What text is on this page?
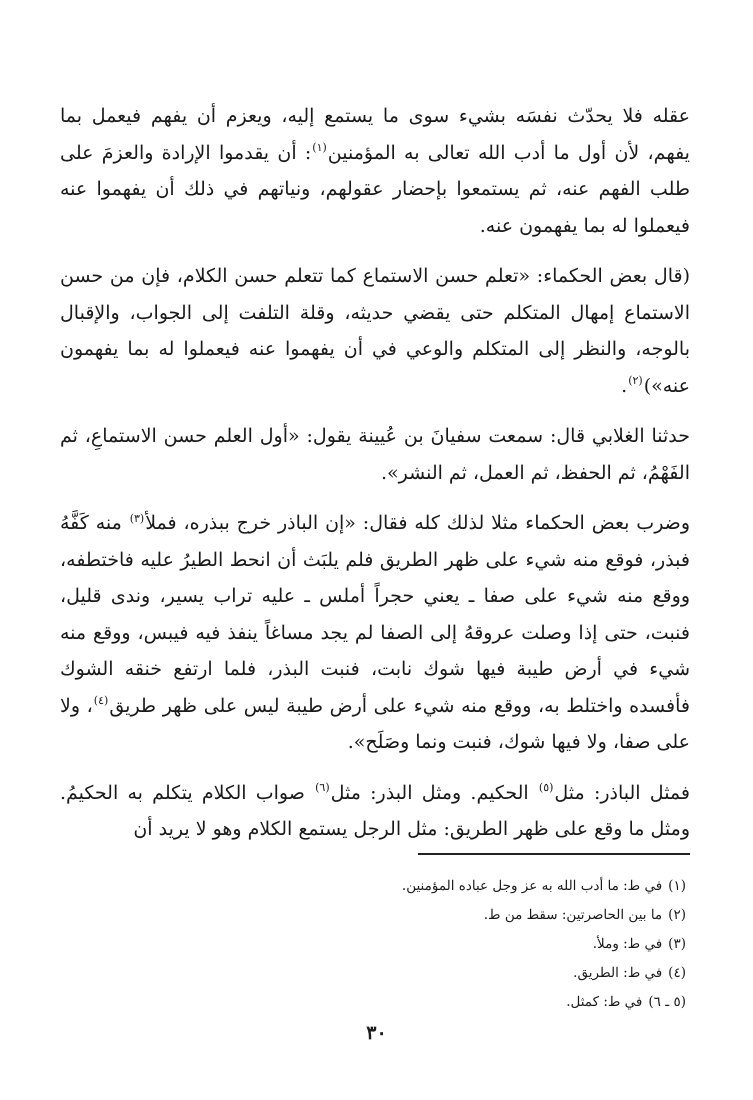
عقله فلا يحدّث نفسَه بشيء سوى ما يستمع إليه، ويعزم أن يفهم فيعمل بما يفهم، لأن أول ما أدب الله تعالى به المؤمنين$^{(١)}$: أن يقدموا الإرادة والعزمَ على طلب الفهم عنه، ثم يستمعوا بإحضار عقولهم، ونياتهم في ذلك أن يفهموا عنه فيعملوا له بما يفهمون عنه.

(قال بعض الحكماء: «تعلم حسن الاستماع كما تتعلم حسن الكلام، فإن من حسن الاستماع إمهال المتكلم حتى يقضي حديثه، وقلة التلفت إلى الجواب، والإقبال بالوجه، والنظر إلى المتكلم والوعي في أن يفهموا عنه فيعملوا له بما يفهمون عنه»)$^{(٢)}$.

حدثنا الغلابي قال: سمعت سفيانَ بن عُيينة يقول: «أول العلم حسن الاستماعِ، ثم الفَهْمُ، ثم الحفظ، ثم العمل، ثم النشر».

وضرب بعض الحكماء مثلا لذلك كله فقال: «إن الباذر خرج ببذره، فملأ$^{(٣)}$ منه كَفَّهُ فبذر، فوقع منه شيء على ظهر الطريق فلم يلبَث أن انحط الطيرُ عليه فاختطفه، ووقع منه شيء على صفا ـ يعني حجراً أملس ـ عليه تراب يسير، وندى قليل، فنبت، حتى إذا وصلت عروقهُ إلى الصفا لم يجد مساغاً ينفذ فيه فيبس، ووقع منه شيء في أرض طيبة فيها شوك نابت، فنبت البذر، فلما ارتفع خنقه الشوك فأفسده واختلط به، ووقع منه شيء على أرض طيبة ليس على ظهر طريق$^{(٤)}$، ولا على صفا، ولا فيها شوك، فنبت ونما وصَلَح».

فمثل الباذر: مثل$^{(٥)}$ الحكيم. ومثل البذر: مثل$^{(٦)}$ صواب الكلام يتكلم به الحكيمُ. ومثل ما وقع على ظهر الطريق: مثل الرجل يستمع الكلام وهو لا يريد أن

(١)في ط: ما أدب الله به عز وجل عباده المؤمنين.

(٢)ما بين الحاصرتين: سقط من ط.

(٣)في ط: وملأ.

(٤)في ط: الطريق.

(٥ ـ ٦)في ط: كمثل.

٣٠
